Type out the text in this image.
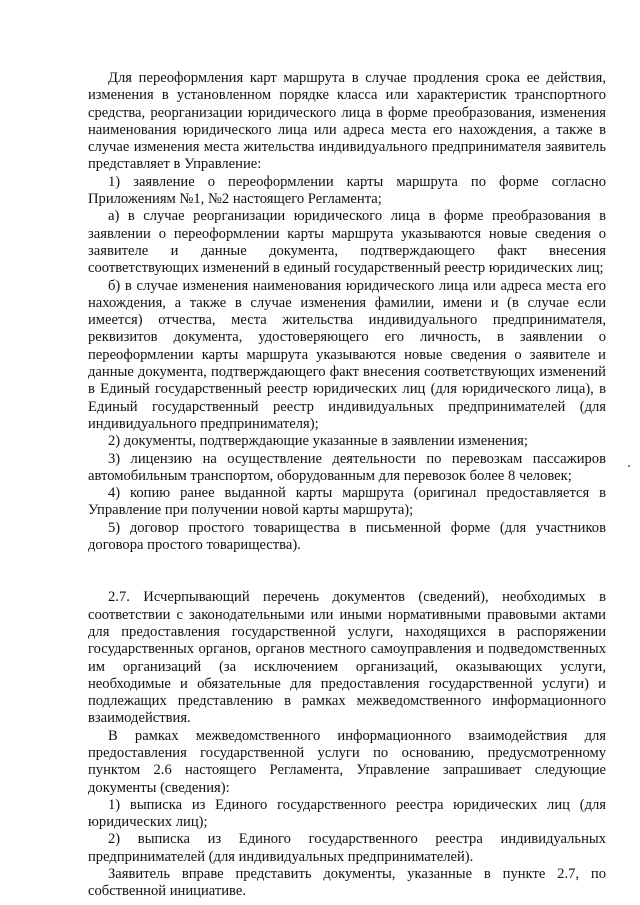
Для переоформления карт маршрута в случае продления срока ее действия, изменения в установленном порядке класса или характеристик транспортного средства, реорганизации юридического лица в форме преобразования, изменения наименования юридического лица или адреса места его нахождения, а также в случае изменения места жительства индивидуального предпринимателя заявитель представляет в Управление:

1) заявление о переоформлении карты маршрута по форме согласно Приложениям №1, №2 настоящего Регламента;

а) в случае реорганизации юридического лица в форме преобразования в заявлении о переоформлении карты маршрута указываются новые сведения о заявителе и данные документа, подтверждающего факт внесения соответствующих изменений в единый государственный реестр юридических лиц;

б) в случае изменения наименования юридического лица или адреса места его нахождения, а также в случае изменения фамилии, имени и (в случае если имеется) отчества, места жительства индивидуального предпринимателя, реквизитов документа, удостоверяющего его личность, в заявлении о переоформлении карты маршрута указываются новые сведения о заявителе и данные документа, подтверждающего факт внесения соответствующих изменений в Единый государственный реестр юридических лиц (для юридического лица), в Единый государственный реестр индивидуальных предпринимателей (для индивидуального предпринимателя);

2) документы, подтверждающие указанные в заявлении изменения;

3) лицензию на осуществление деятельности по перевозкам пассажиров автомобильным транспортом, оборудованным для перевозок более 8 человек;

4) копию ранее выданной карты маршрута (оригинал предоставляется в Управление при получении новой карты маршрута);

5) договор простого товарищества в письменной форме (для участников договора простого товарищества).

2.7. Исчерпывающий перечень документов (сведений), необходимых в соответствии с законодательными или иными нормативными правовыми актами для предоставления государственной услуги, находящихся в распоряжении государственных органов, органов местного самоуправления и подведомственных им организаций (за исключением организаций, оказывающих услуги, необходимые и обязательные для предоставления государственной услуги) и подлежащих представлению в рамках межведомственного информационного взаимодействия.

В рамках межведомственного информационного взаимодействия для предоставления государственной услуги по основанию, предусмотренному пунктом 2.6 настоящего Регламента, Управление запрашивает следующие документы (сведения):

1) выписка из Единого государственного реестра юридических лиц (для юридических лиц);

2) выписка из Единого государственного реестра индивидуальных предпринимателей (для индивидуальных предпринимателей).

Заявитель вправе представить документы, указанные в пункте 2.7, по собственной инициативе.
